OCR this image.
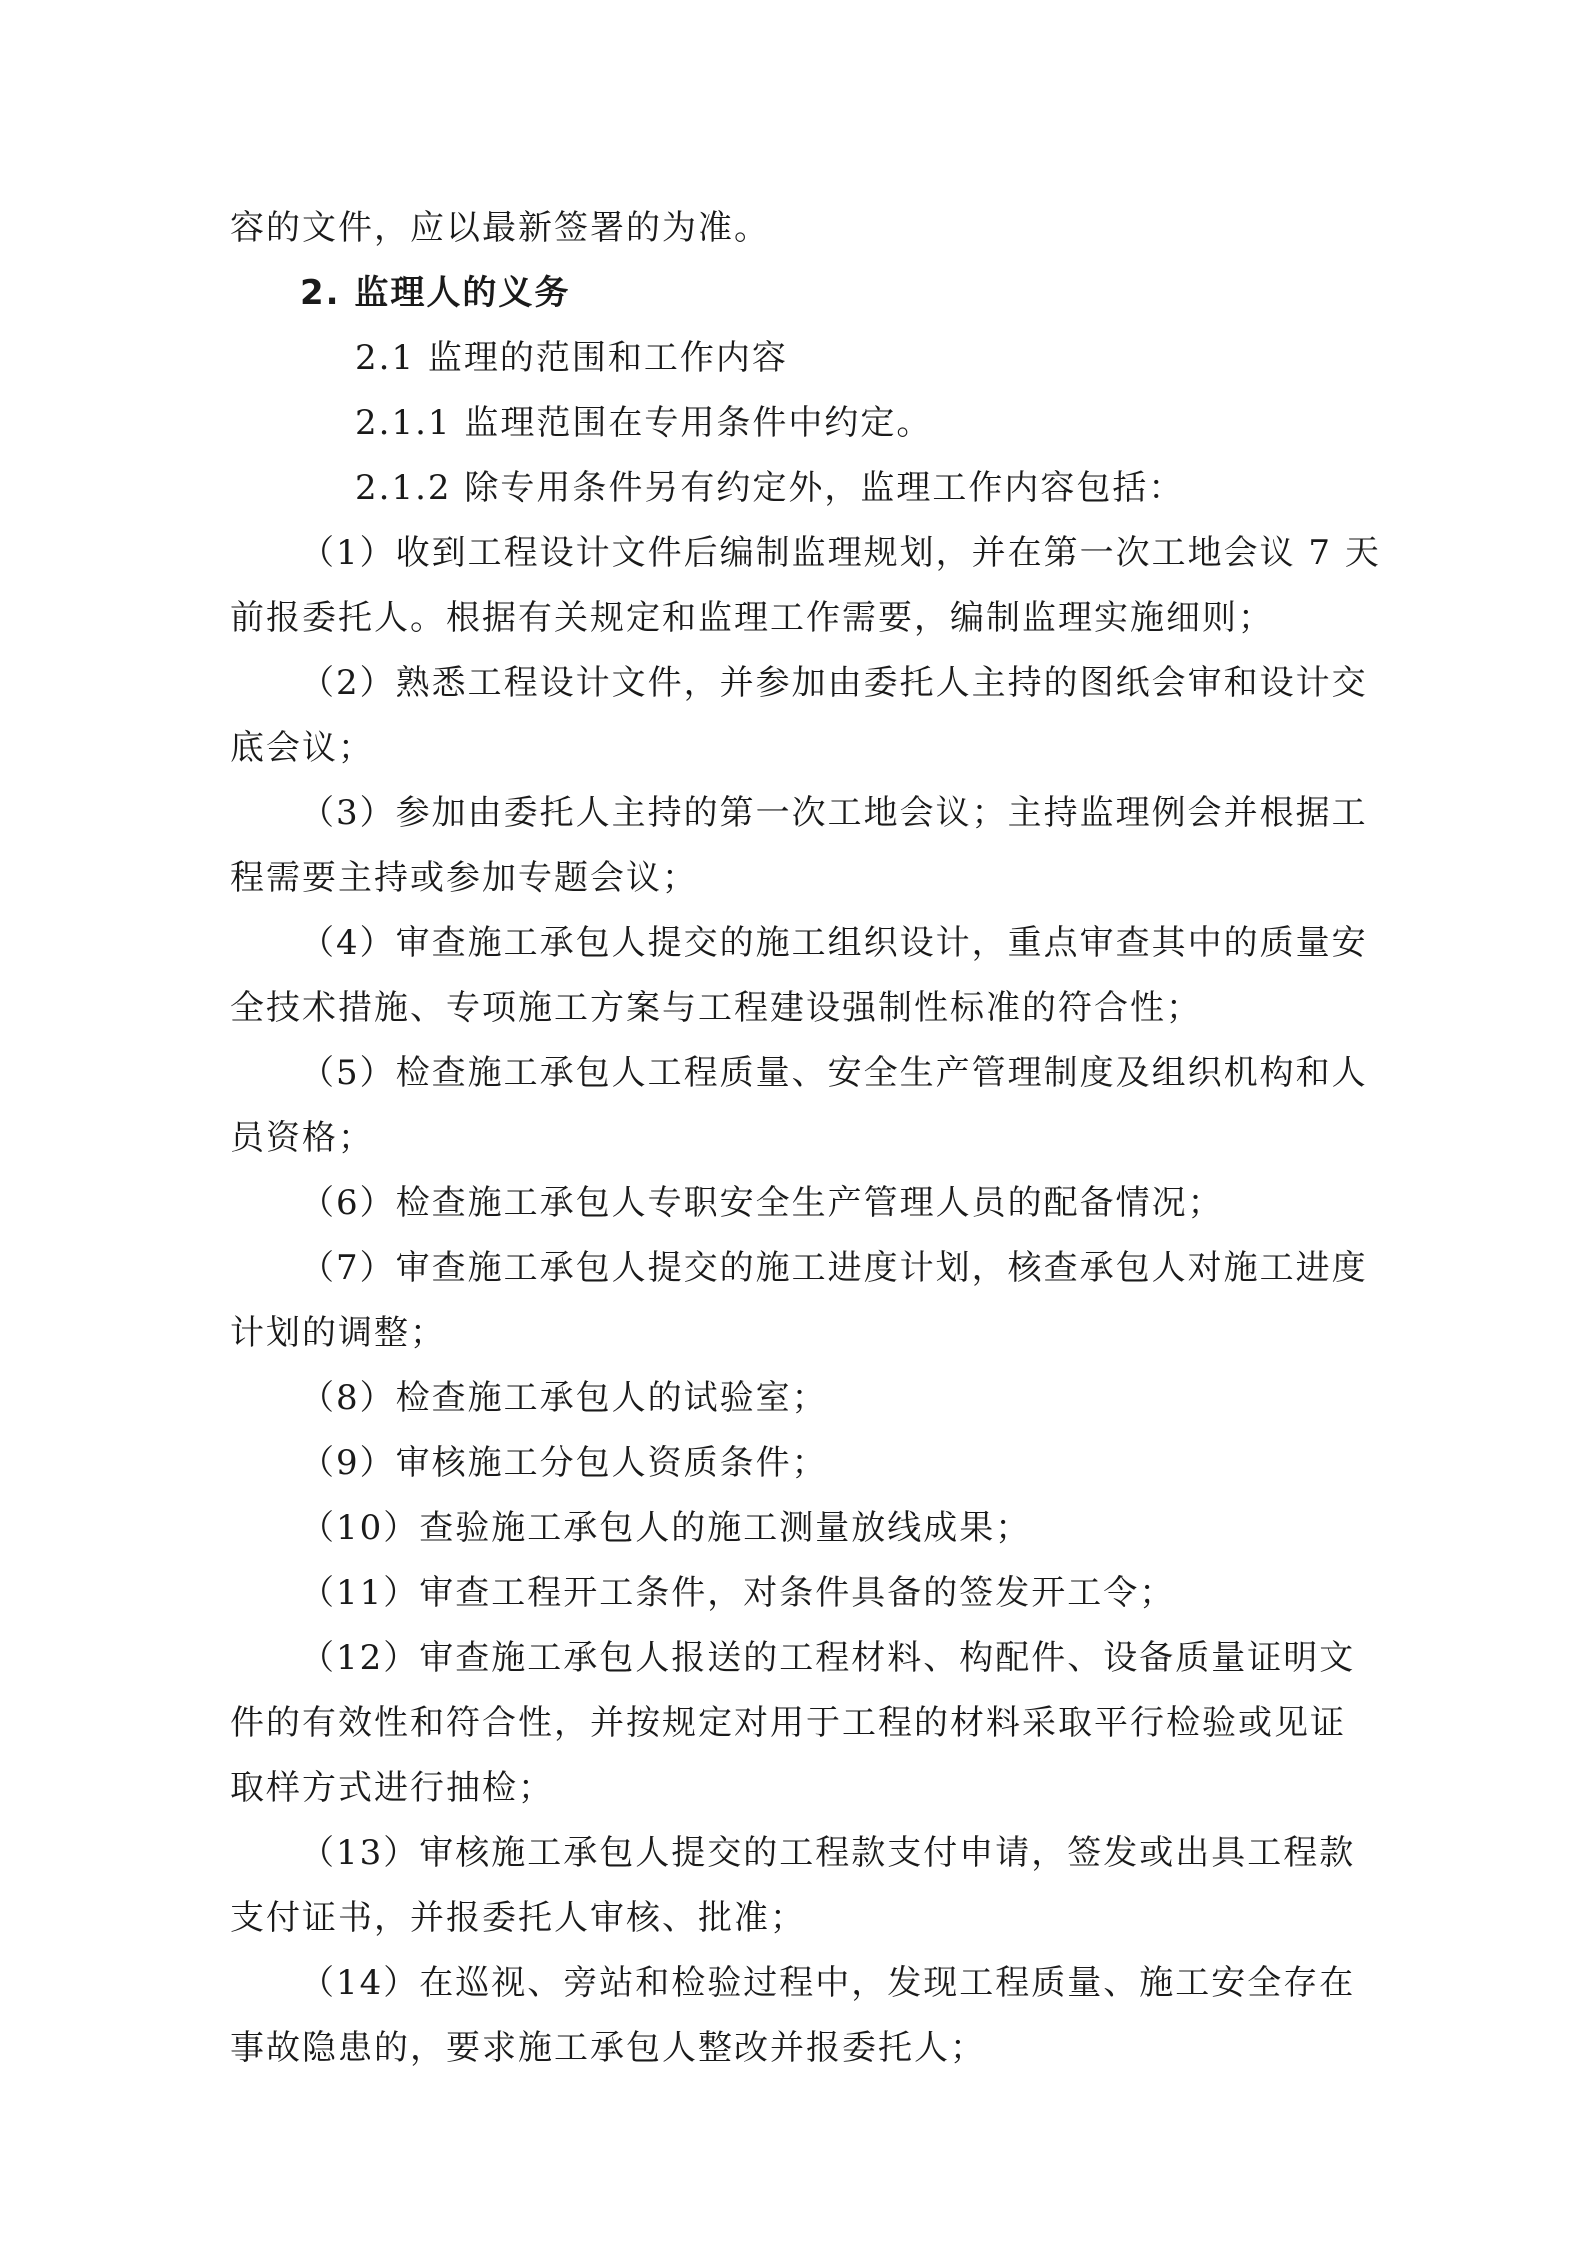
容的文件，应以最新签署的为准。
2. 监理人的义务
2.1 监理的范围和工作内容
2.1.1 监理范围在专用条件中约定。
2.1.2 除专用条件另有约定外，监理工作内容包括：
（1）收到工程设计文件后编制监理规划，并在第一次工地会议 7 天
前报委托人。根据有关规定和监理工作需要，编制监理实施细则；
（2）熟悉工程设计文件，并参加由委托人主持的图纸会审和设计交
底会议；
（3）参加由委托人主持的第一次工地会议；主持监理例会并根据工
程需要主持或参加专题会议；
（4）审查施工承包人提交的施工组织设计，重点审查其中的质量安
全技术措施、专项施工方案与工程建设强制性标准的符合性；
（5）检查施工承包人工程质量、安全生产管理制度及组织机构和人
员资格；
（6）检查施工承包人专职安全生产管理人员的配备情况；
（7）审查施工承包人提交的施工进度计划，核查承包人对施工进度
计划的调整；
（8）检查施工承包人的试验室；
（9）审核施工分包人资质条件；
（10）查验施工承包人的施工测量放线成果；
（11）审查工程开工条件，对条件具备的签发开工令；
（12）审查施工承包人报送的工程材料、构配件、设备质量证明文
件的有效性和符合性，并按规定对用于工程的材料采取平行检验或见证
取样方式进行抽检；
（13）审核施工承包人提交的工程款支付申请，签发或出具工程款
支付证书，并报委托人审核、批准；
（14）在巡视、旁站和检验过程中，发现工程质量、施工安全存在
事故隐患的，要求施工承包人整改并报委托人；
